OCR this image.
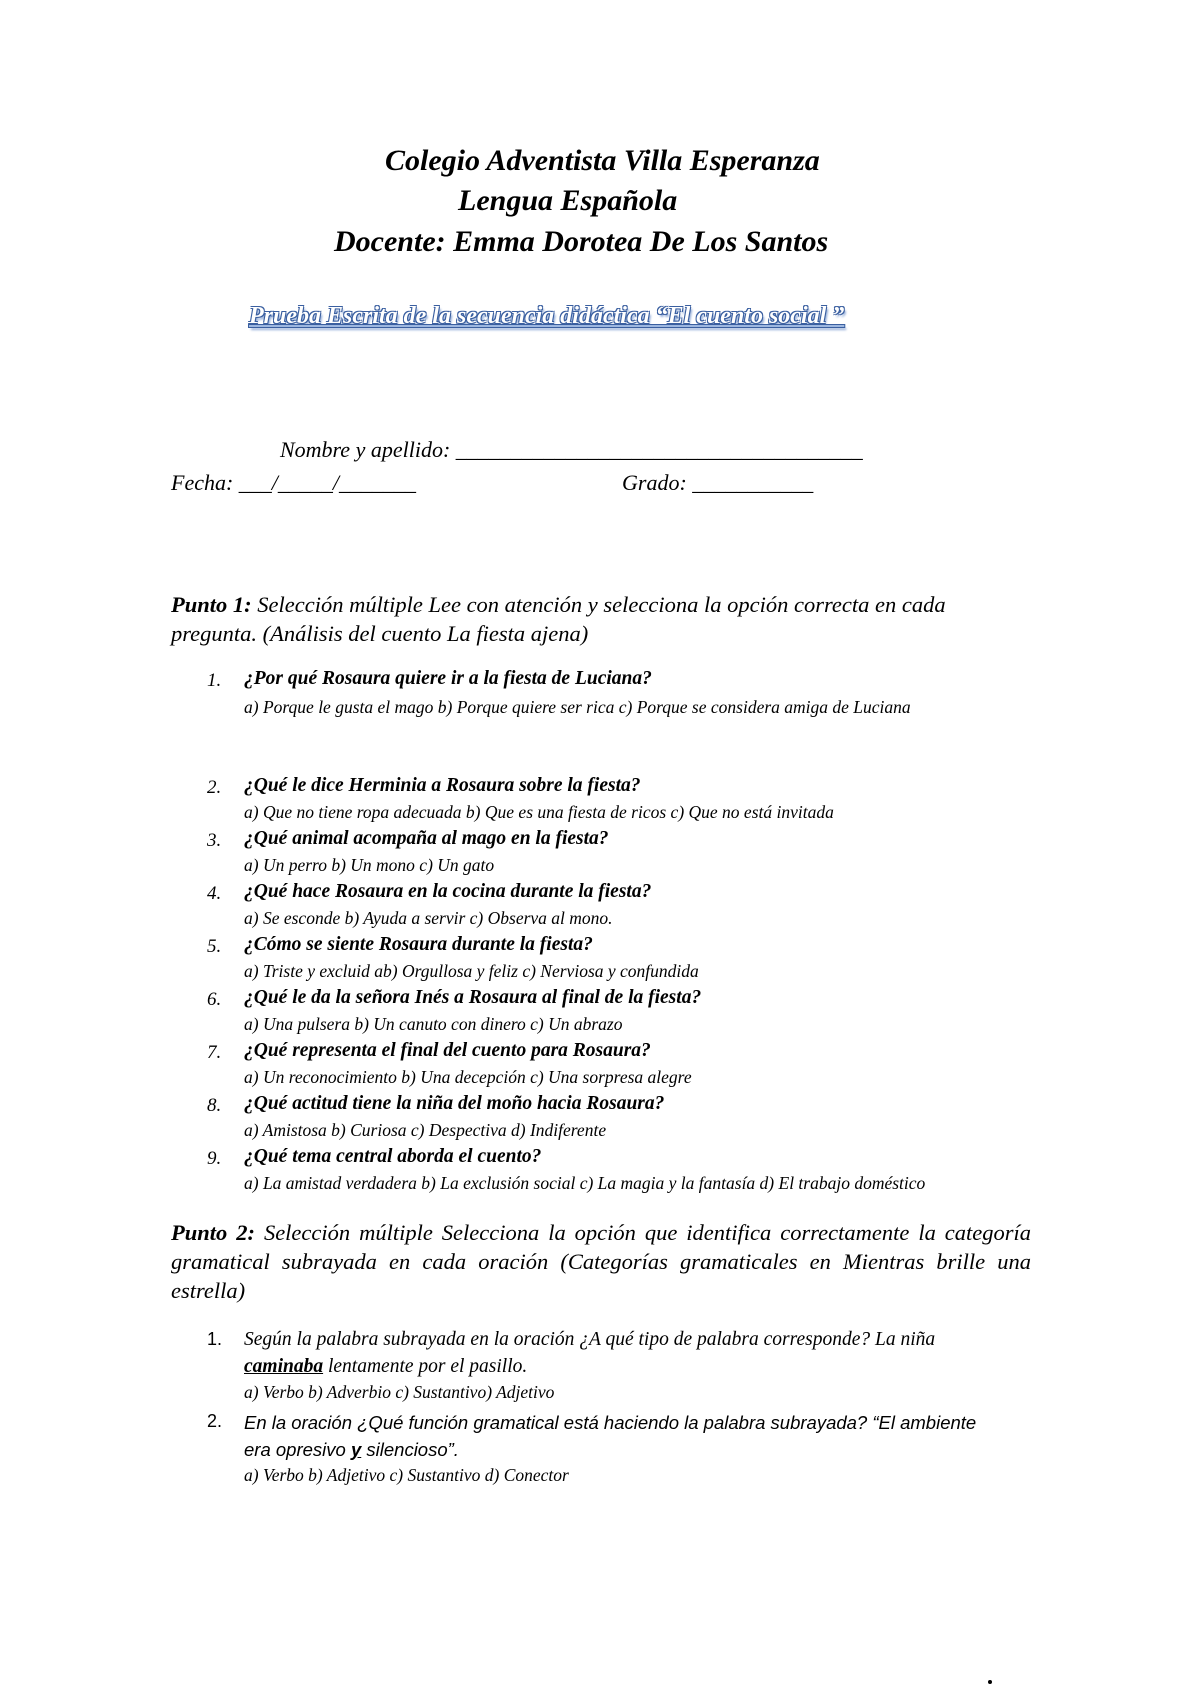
Colegio Adventista Villa Esperanza
Lengua Española
Docente: Emma Dorotea De Los Santos
Prueba Escrita de la secuencia didáctica “El cuento social ”
Nombre y apellido: _____________________________________
Fecha: ___/_____/_______	Grado: ___________
Punto 1: Selección múltiple Lee con atención y selecciona la opción correcta en cada pregunta. (Análisis del cuento La fiesta ajena)
1. ¿Por qué Rosaura quiere ir a la fiesta de Luciana?
a) Porque le gusta el mago b) Porque quiere ser rica c) Porque se considera amiga de Luciana
2. ¿Qué le dice Herminia a Rosaura sobre la fiesta?
a) Que no tiene ropa adecuada b) Que es una fiesta de ricos c) Que no está invitada
3. ¿Qué animal acompaña al mago en la fiesta?
a) Un perro b) Un mono c) Un gato
4. ¿Qué hace Rosaura en la cocina durante la fiesta?
a) Se esconde b) Ayuda a servir c) Observa al mono.
5. ¿Cómo se siente Rosaura durante la fiesta?
a) Triste y excluid ab) Orgullosa y feliz c) Nerviosa y confundida
6. ¿Qué le da la señora Inés a Rosaura al final de la fiesta?
a) Una pulsera b) Un canuto con dinero c) Un abrazo
7. ¿Qué representa el final del cuento para Rosaura?
a) Un reconocimiento b) Una decepción c) Una sorpresa alegre
8. ¿Qué actitud tiene la niña del moño hacia Rosaura?
a) Amistosa b) Curiosa c) Despectiva d) Indiferente
9. ¿Qué tema central aborda el cuento?
a) La amistad verdadera b) La exclusión social c) La magia y la fantasía d) El trabajo doméstico
Punto 2: Selección múltiple Selecciona la opción que identifica correctamente la categoría gramatical subrayada en cada oración (Categorías gramaticales en Mientras brille una estrella)
1. Según la palabra subrayada en la oración ¿A qué tipo de palabra corresponde? La niña caminaba lentamente por el pasillo.
a) Verbo b) Adverbio c) Sustantivo) Adjetivo
2. En la oración ¿Qué función gramatical está haciendo la palabra subrayada? “El ambiente era opresivo y silencioso”.
a) Verbo b) Adjetivo c) Sustantivo d) Conector
